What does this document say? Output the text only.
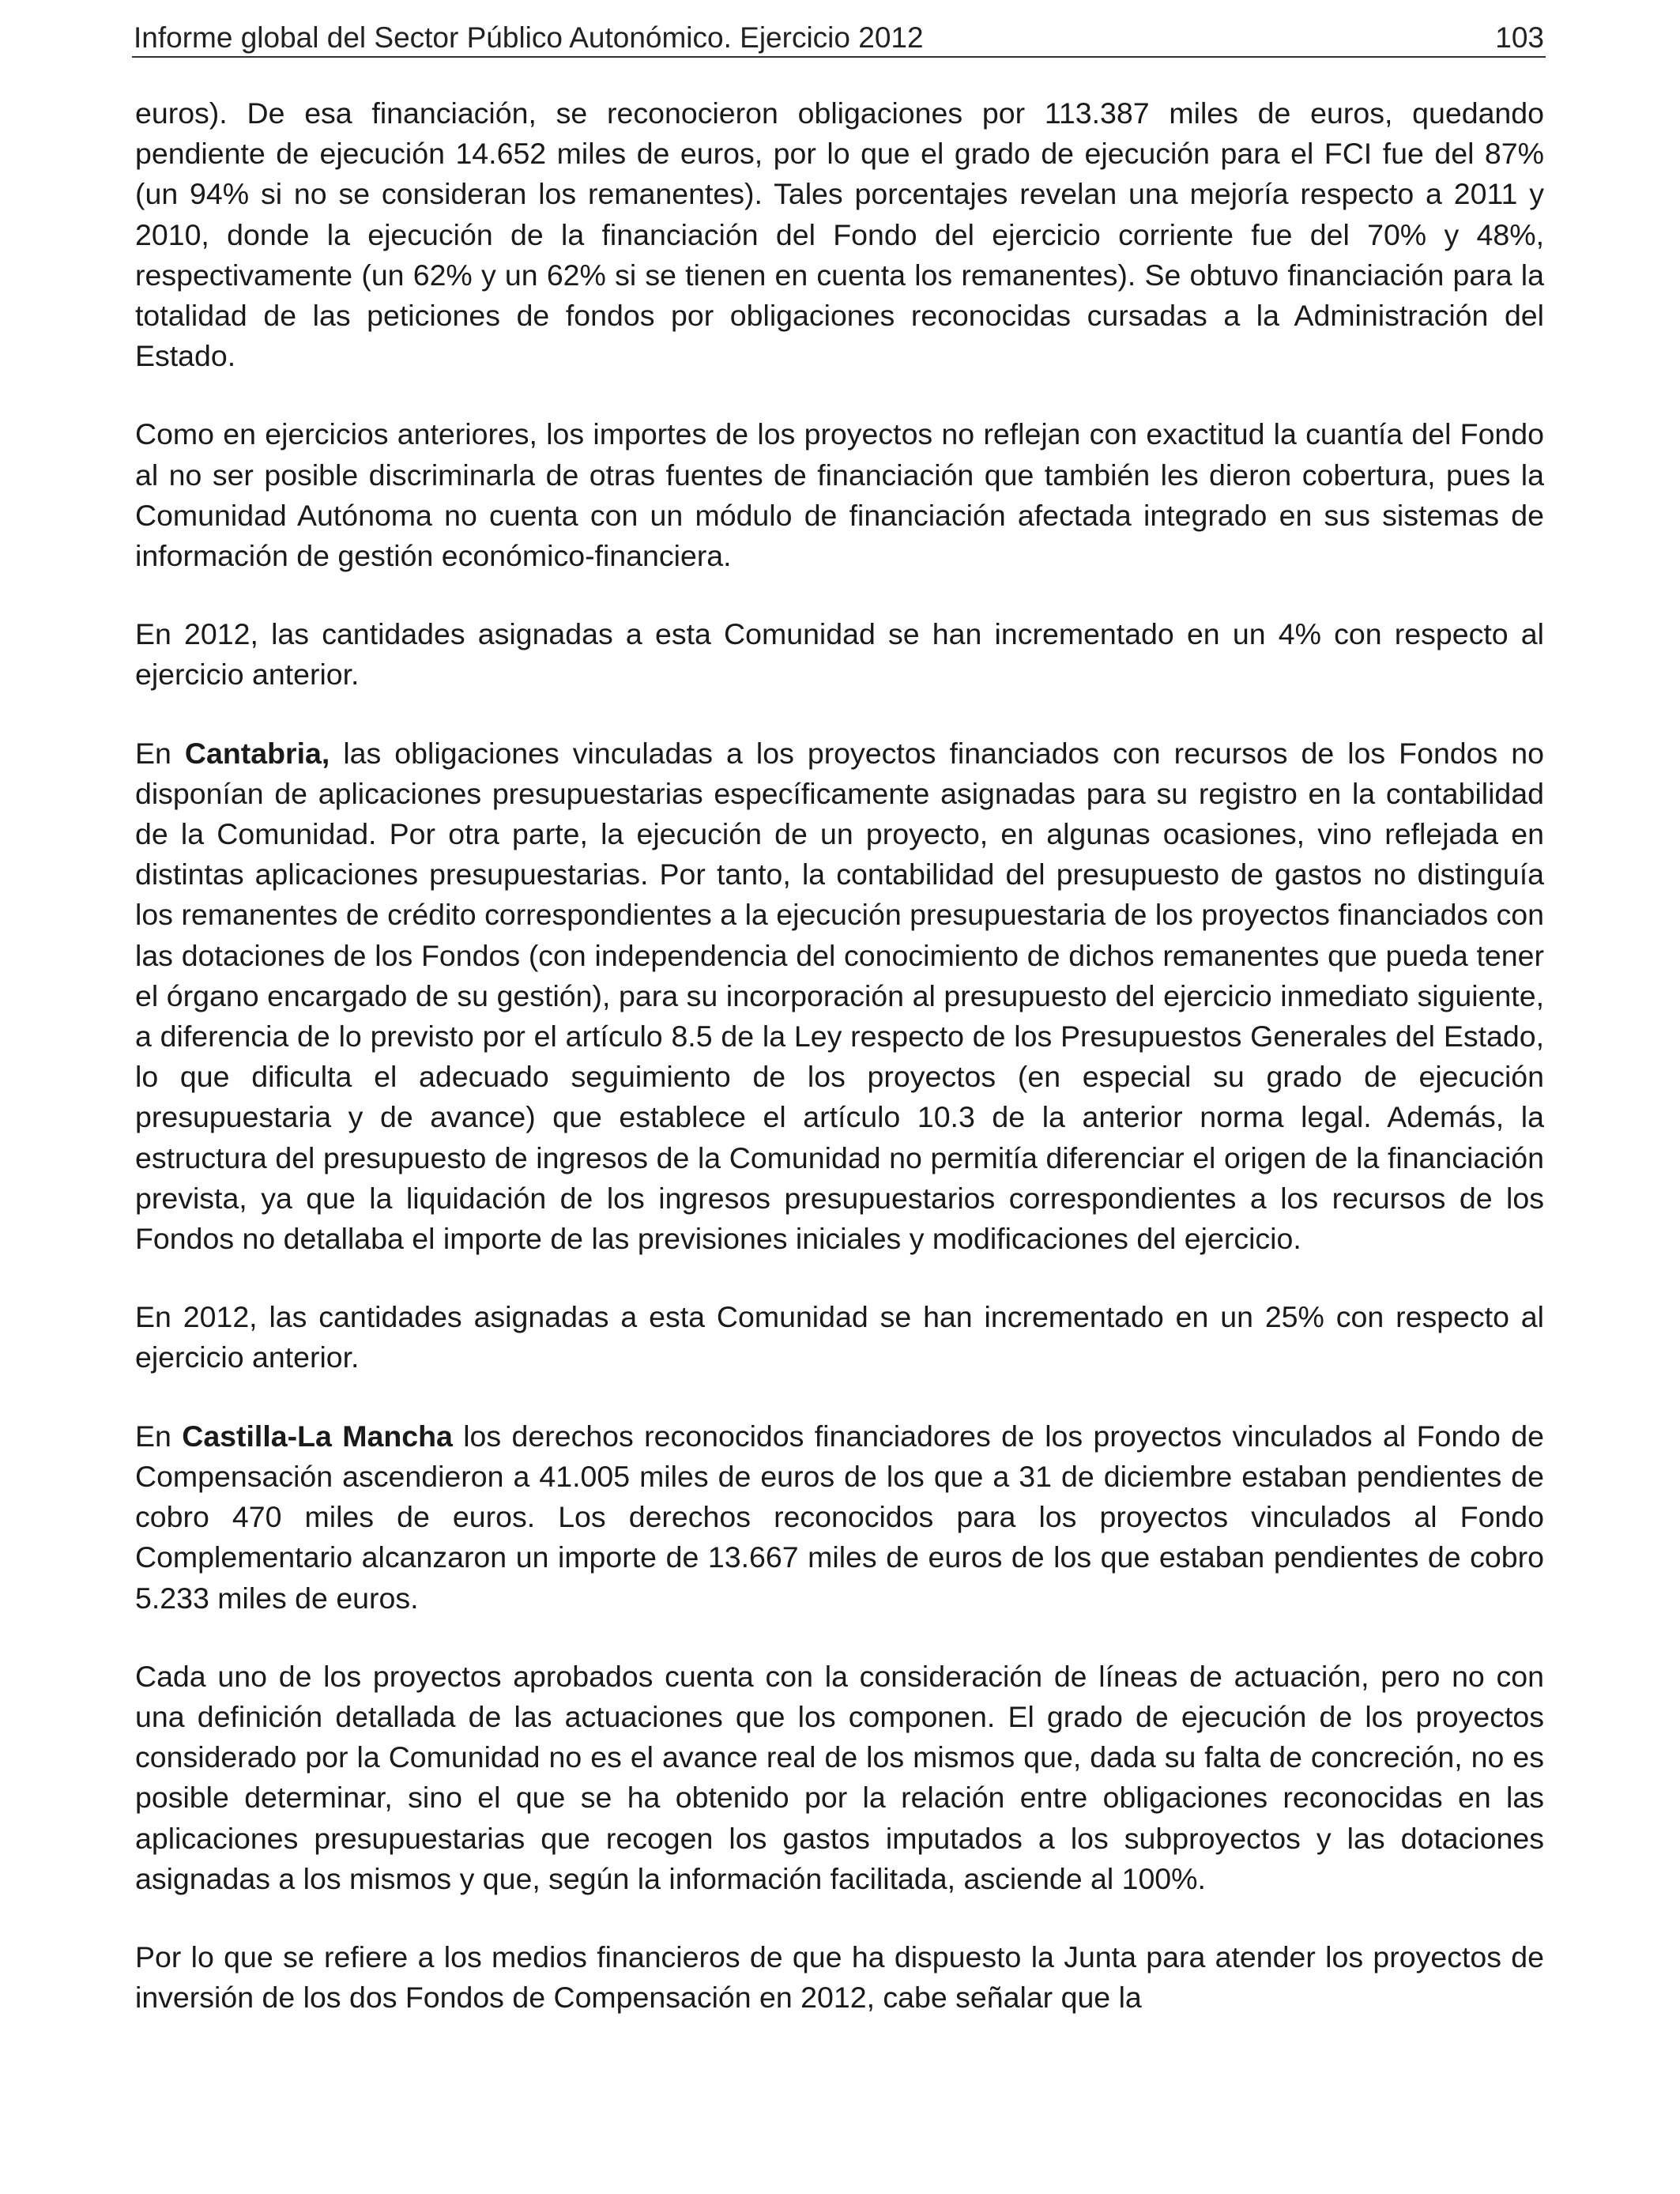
Informe global del Sector Público Autonómico. Ejercicio 2012	103

euros). De esa financiación, se reconocieron obligaciones por 113.387 miles de euros, quedando pendiente de ejecución 14.652 miles de euros, por lo que el grado de ejecución para el FCI fue del 87% (un 94% si no se consideran los remanentes). Tales porcentajes revelan una mejoría respecto a 2011 y 2010, donde la ejecución de la financiación del Fondo del ejercicio corriente fue del 70% y 48%, respectivamente (un 62% y un 62% si se tienen en cuenta los remanentes). Se obtuvo financiación para la totalidad de las peticiones de fondos por obligaciones reconocidas cursadas a la Administración del Estado.

Como en ejercicios anteriores, los importes de los proyectos no reflejan con exactitud la cuantía del Fondo al no ser posible discriminarla de otras fuentes de financiación que también les dieron cobertura, pues la Comunidad Autónoma no cuenta con un módulo de financiación afectada integrado en sus sistemas de información de gestión económico-financiera.

En 2012, las cantidades asignadas a esta Comunidad se han incrementado en un 4% con respecto al ejercicio anterior.

En Cantabria, las obligaciones vinculadas a los proyectos financiados con recursos de los Fondos no disponían de aplicaciones presupuestarias específicamente asignadas para su registro en la contabilidad de la Comunidad. Por otra parte, la ejecución de un proyecto, en algunas ocasiones, vino reflejada en distintas aplicaciones presupuestarias. Por tanto, la contabilidad del presupuesto de gastos no distinguía los remanentes de crédito correspondientes a la ejecución presupuestaria de los proyectos financiados con las dotaciones de los Fondos (con independencia del conocimiento de dichos remanentes que pueda tener el órgano encargado de su gestión), para su incorporación al presupuesto del ejercicio inmediato siguiente, a diferencia de lo previsto por el artículo 8.5 de la Ley respecto de los Presupuestos Generales del Estado, lo que dificulta el adecuado seguimiento de los proyectos (en especial su grado de ejecución presupuestaria y de avance) que establece el artículo 10.3 de la anterior norma legal. Además, la estructura del presupuesto de ingresos de la Comunidad no permitía diferenciar el origen de la financiación prevista, ya que la liquidación de los ingresos presupuestarios correspondientes a los recursos de los Fondos no detallaba el importe de las previsiones iniciales y modificaciones del ejercicio.

En 2012, las cantidades asignadas a esta Comunidad se han incrementado en un 25% con respecto al ejercicio anterior.

En Castilla-La Mancha los derechos reconocidos financiadores de los proyectos vinculados al Fondo de Compensación ascendieron a 41.005 miles de euros de los que a 31 de diciembre estaban pendientes de cobro 470 miles de euros. Los derechos reconocidos para los proyectos vinculados al Fondo Complementario alcanzaron un importe de 13.667 miles de euros de los que estaban pendientes de cobro 5.233 miles de euros.

Cada uno de los proyectos aprobados cuenta con la consideración de líneas de actuación, pero no con una definición detallada de las actuaciones que los componen. El grado de ejecución de los proyectos considerado por la Comunidad no es el avance real de los mismos que, dada su falta de concreción, no es posible determinar, sino el que se ha obtenido por la relación entre obligaciones reconocidas en las aplicaciones presupuestarias que recogen los gastos imputados a los subproyectos y las dotaciones asignadas a los mismos y que, según la información facilitada, asciende al 100%.

Por lo que se refiere a los medios financieros de que ha dispuesto la Junta para atender los proyectos de inversión de los dos Fondos de Compensación en 2012, cabe señalar que la
